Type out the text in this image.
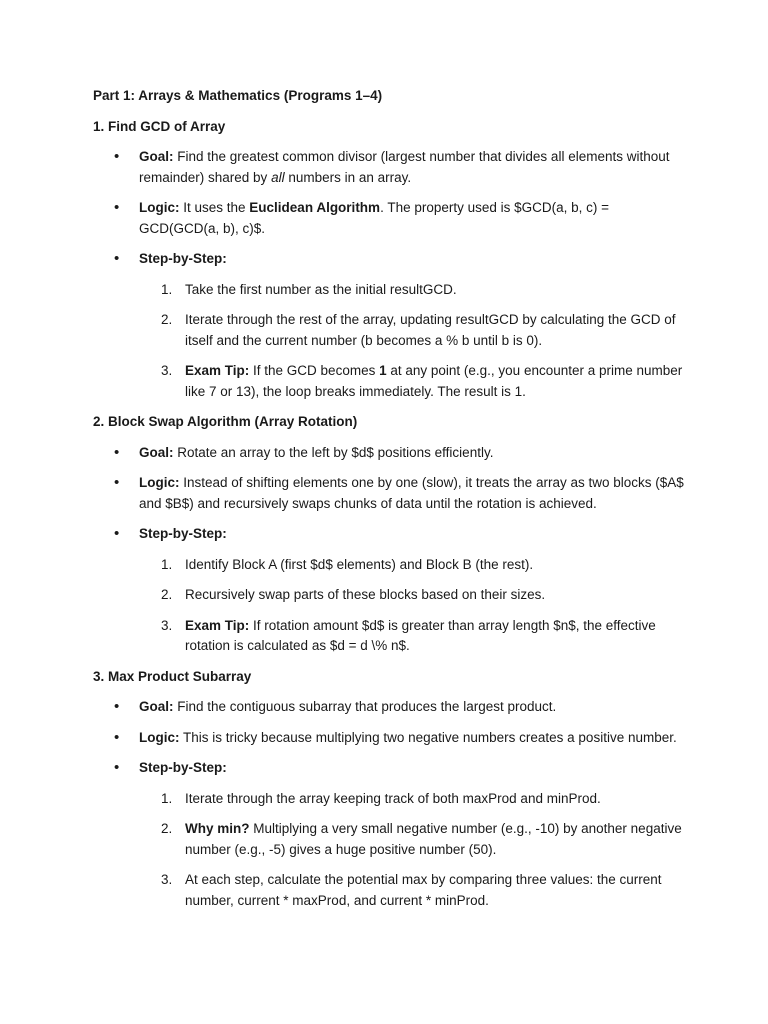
Part 1: Arrays & Mathematics (Programs 1–4)
1. Find GCD of Array
• Goal: Find the greatest common divisor (largest number that divides all elements without remainder) shared by all numbers in an array.
• Logic: It uses the Euclidean Algorithm. The property used is $GCD(a, b, c) = GCD(GCD(a, b), c)$.
• Step-by-Step:
1. Take the first number as the initial resultGCD.
2. Iterate through the rest of the array, updating resultGCD by calculating the GCD of itself and the current number (b becomes a % b until b is 0).
3. Exam Tip: If the GCD becomes 1 at any point (e.g., you encounter a prime number like 7 or 13), the loop breaks immediately. The result is 1.
2. Block Swap Algorithm (Array Rotation)
• Goal: Rotate an array to the left by $d$ positions efficiently.
• Logic: Instead of shifting elements one by one (slow), it treats the array as two blocks ($A$ and $B$) and recursively swaps chunks of data until the rotation is achieved.
• Step-by-Step:
1. Identify Block A (first $d$ elements) and Block B (the rest).
2. Recursively swap parts of these blocks based on their sizes.
3. Exam Tip: If rotation amount $d$ is greater than array length $n$, the effective rotation is calculated as $d = d \% n$.
3. Max Product Subarray
• Goal: Find the contiguous subarray that produces the largest product.
• Logic: This is tricky because multiplying two negative numbers creates a positive number.
• Step-by-Step:
1. Iterate through the array keeping track of both maxProd and minProd.
2. Why min? Multiplying a very small negative number (e.g., -10) by another negative number (e.g., -5) gives a huge positive number (50).
3. At each step, calculate the potential max by comparing three values: the current number, current * maxProd, and current * minProd.
